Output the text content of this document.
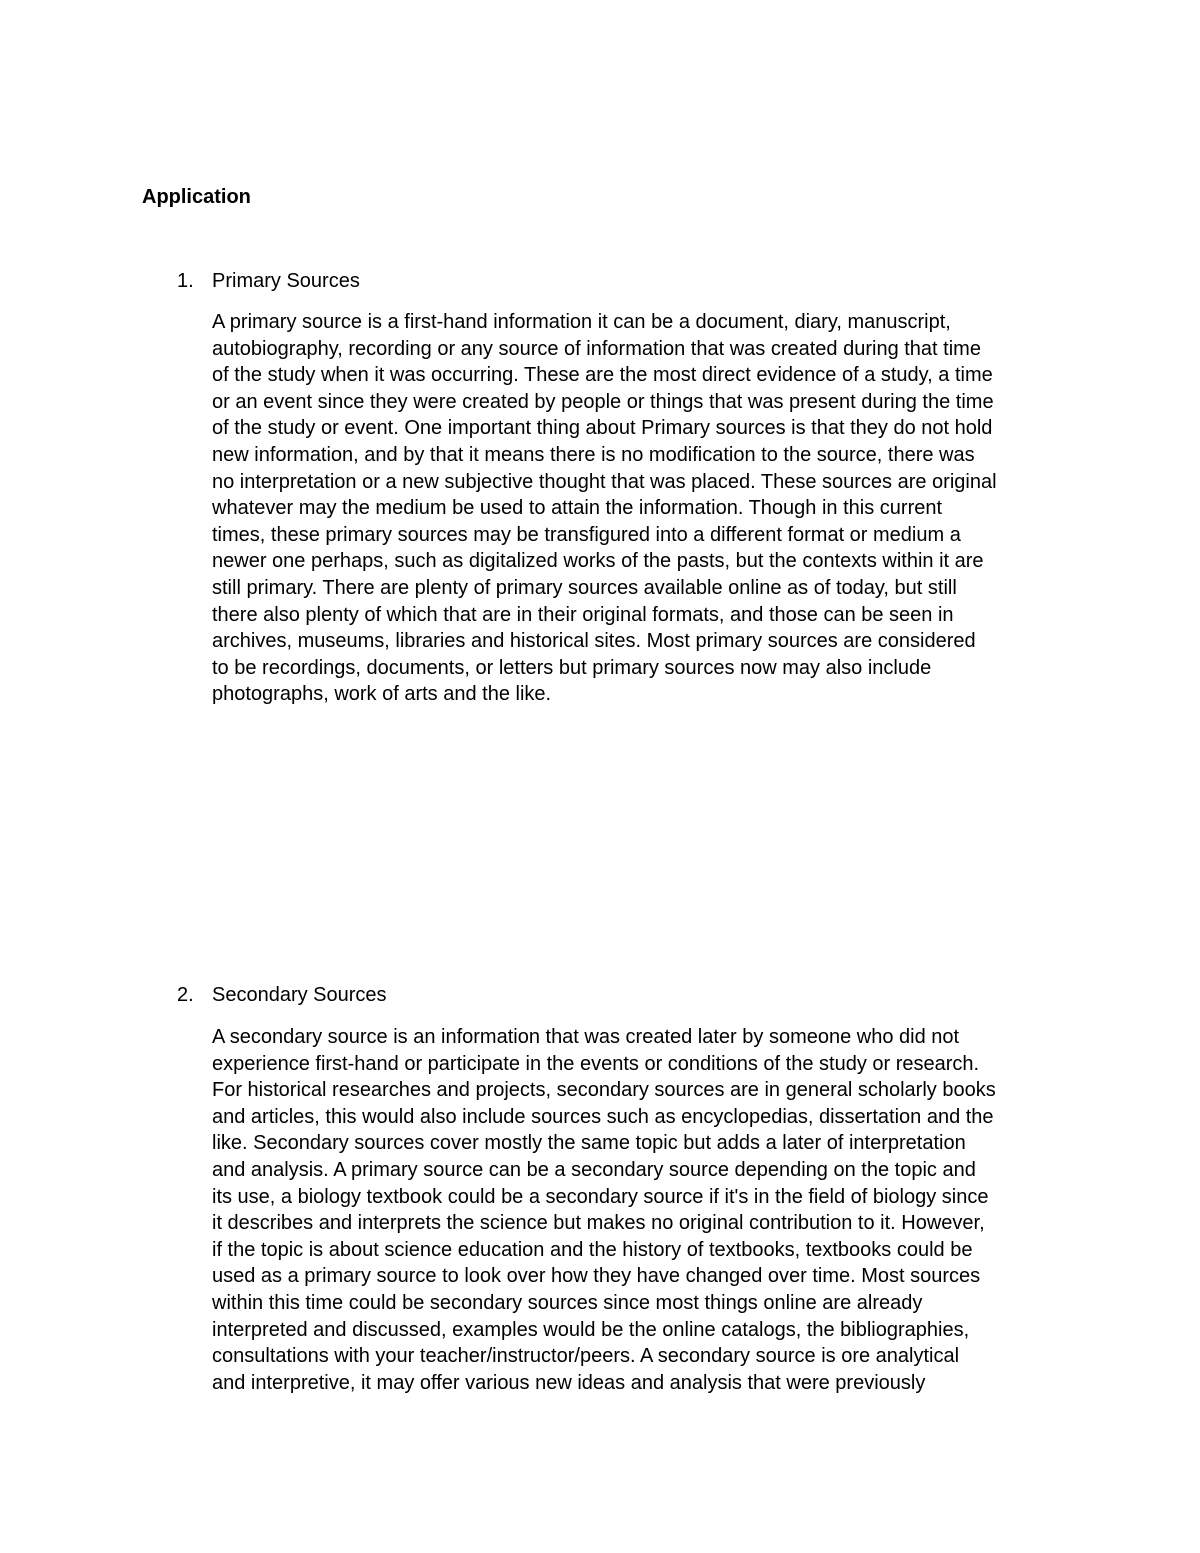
Application
1. Primary Sources
A primary source is a first-hand information it can be a document, diary, manuscript,
autobiography, recording or any source of information that was created during that time
of the study when it was occurring. These are the most direct evidence of a study, a time
or an event since they were created by people or things that was present during the time
of the study or event. One important thing about Primary sources is that they do not hold
new information, and by that it means there is no modification to the source, there was
no interpretation or a new subjective thought that was placed. These sources are original
whatever may the medium be used to attain the information. Though in this current
times, these primary sources may be transfigured into a different format or medium a
newer one perhaps, such as digitalized works of the pasts, but the contexts within it are
still primary. There are plenty of primary sources available online as of today, but still
there also plenty of which that are in their original formats, and those can be seen in
archives, museums, libraries and historical sites. Most primary sources are considered
to be recordings, documents, or letters but primary sources now may also include
photographs, work of arts and the like.
2. Secondary Sources
A secondary source is an information that was created later by someone who did not
experience first-hand or participate in the events or conditions of the study or research.
For historical researches and projects, secondary sources are in general scholarly books
and articles, this would also include sources such as encyclopedias, dissertation and the
like. Secondary sources cover mostly the same topic but adds a later of interpretation
and analysis. A primary source can be a secondary source depending on the topic and
its use, a biology textbook could be a secondary source if it's in the field of biology since
it describes and interprets the science but makes no original contribution to it. However,
if the topic is about science education and the history of textbooks, textbooks could be
used as a primary source to look over how they have changed over time. Most sources
within this time could be secondary sources since most things online are already
interpreted and discussed, examples would be the online catalogs, the bibliographies,
consultations with your teacher/instructor/peers. A secondary source is ore analytical
and interpretive, it may offer various new ideas and analysis that were previously
